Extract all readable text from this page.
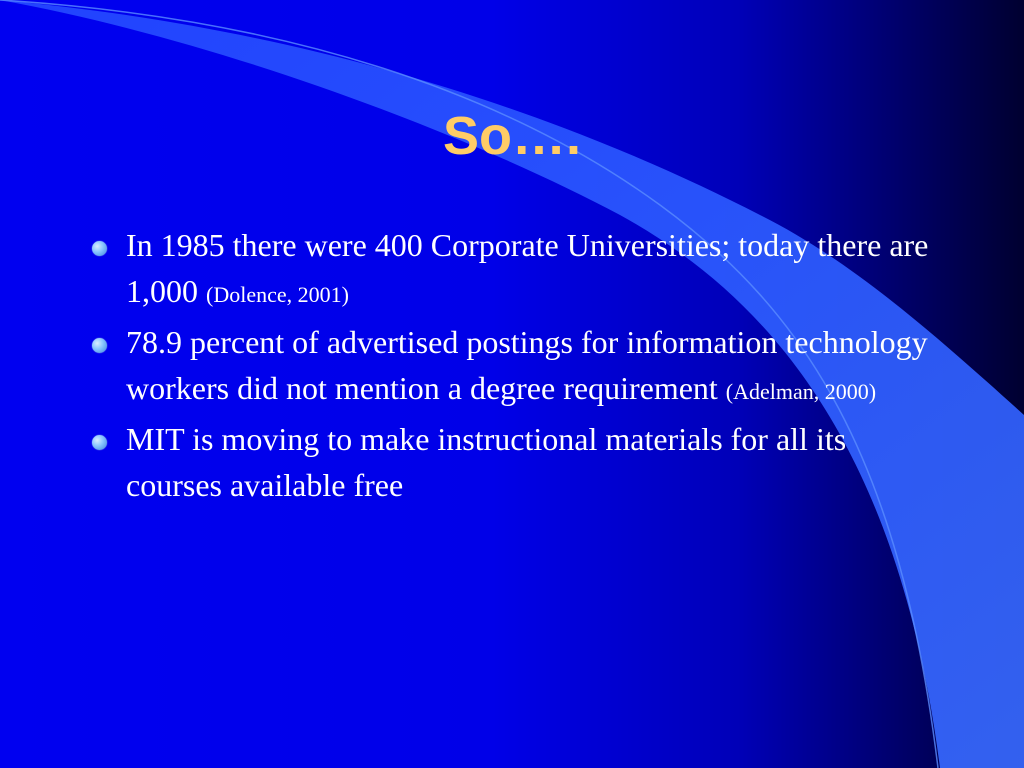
So….
In 1985 there were 400 Corporate Universities; today there are 1,000 (Dolence, 2001)
78.9 percent of advertised postings for information technology workers did not mention a degree requirement (Adelman, 2000)
MIT is moving to make instructional materials for all its courses available free
